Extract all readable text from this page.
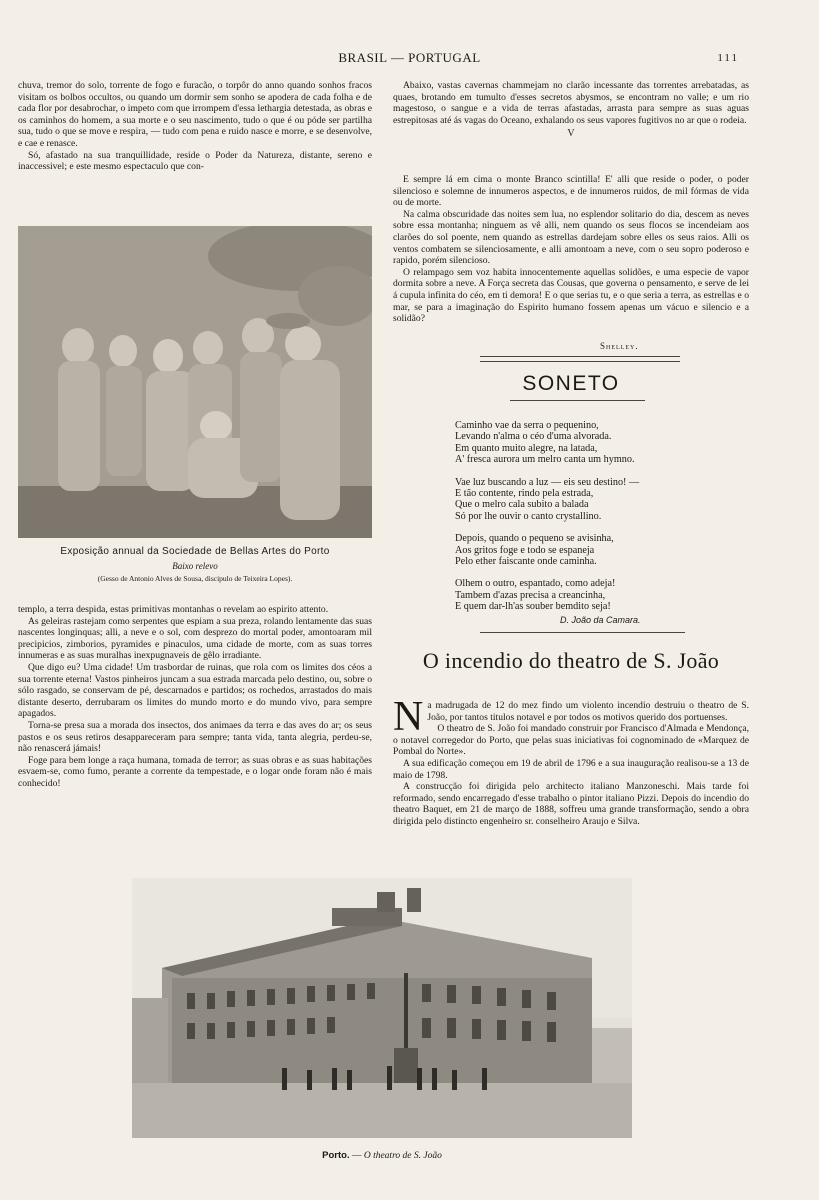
BRASIL — PORTUGAL	111

chuva, tremor do solo, torrente de fogo e furacão, o torpôr do anno quando sonhos fracos visitam os bolbos occultos, ou quando um dormir sem sonho se apodera de cada folha e de cada flor por desabrochar, o impeto com que irrompem d'essa lethargia detestada, as obras e os caminhos do homem, a sua morte e o seu nascimento, tudo o que é ou póde ser partilha sua, tudo o que se move e respira, — tudo com pena e ruido nasce e morre, e se desenvolve, e cae e renasce.

Só, afastado na sua tranquillidade, reside o Poder da Natureza, distante, sereno e inaccessivel; e este mesmo espectaculo que con-

Exposição annual da Sociedade de Bellas Artes do Porto
Baixo relevo
(Gesso de Antonio Alves de Sousa, discipulo de Teixeira Lopes).

templo, a terra despida, estas primitivas montanhas o revelam ao espirito attento.

As geleiras rastejam como serpentes que espiam a sua preza, rolando lentamente das suas nascentes longinquas; alli, a neve e o sol, com desprezo do mortal poder, amontoaram mil precipicios, zimborios, pyramides e pinaculos, uma cidade de morte, com as suas torres innumeras e as suas muralhas inexpugnaveis de gêlo irradiante.

Que digo eu? Uma cidade! Um trasbordar de ruinas, que rola com os limites dos céos a sua torrente eterna! Vastos pinheiros juncam a sua estrada marcada pelo destino, ou, sobre o sólo rasgado, se conservam de pé, descarnados e partidos; os rochedos, arrastados do mais distante deserto, derrubaram os limites do mundo morto e do mundo vivo, para sempre apagados.

Torna-se presa sua a morada dos insectos, dos animaes da terra e das aves do ar; os seus pastos e os seus retiros desappareceram para sempre; tanta vida, tanta alegria, perdeu-se, não renascerá jámais!

Foge para bem longe a raça humana, tomada de terror; as suas obras e as suas habitações esvaem-se, como fumo, perante a corrente da tempestade, e o logar onde foram não é mais conhecido!

Abaixo, vastas cavernas chammejam no clarão incessante das torrentes arrebatadas, as quaes, brotando em tumulto d'esses secretos abysmos, se encontram no valle; e um rio magestoso, o sangue e a vida de terras afastadas, arrasta para sempre as suas aguas estrepitosas até ás vagas do Oceano, exhalando os seus vapores fugitivos no ar que o rodeia.

V

E sempre lá em cima o monte Branco scintilla! E' alli que reside o poder, o poder silencioso e solemne de innumeros aspectos, e de innumeros ruidos, de mil fórmas de vida ou de morte.

Na calma obscuridade das noites sem lua, no esplendor solitario do dia, descem as neves sobre essa montanha; ninguem as vê alli, nem quando os seus flocos se incendeiam aos clarões do sol poente, nem quando as estrellas dardejam sobre elles os seus raios. Alli os ventos combatem se silenciosamente, e alli amontoam a neve, com o seu sopro poderoso e rapido, porém silencioso.

O relampago sem voz habita innocentemente aquellas solidões, e uma especie de vapor dormita sobre a neve. A Força secreta das Cousas, que governa o pensamento, e serve de lei á cupula infinita do céo, em ti demora! E o que serias tu, e o que seria a terra, as estrellas e o mar, se para a imaginação do Espirito humano fossem apenas um vácuo e silencio e a solidão?

Shelley.
SONETO
Caminho vae da serra o pequenino,
Levando n'alma o céo d'uma alvorada.
Em quanto muito alegre, na latada,
A' fresca aurora um melro canta um hymno.
Vae luz buscando a luz — eis seu destino! —
E tão contente, rindo pela estrada,
Que o melro cala subito a balada
Só por lhe ouvir o canto crystallino.
Depois, quando o pequeno se avisinha,
Aos gritos foge e todo se espaneja
Pelo ether faiscante onde caminha.
Olhem o outro, espantado, como adeja!
Tambem d'azas precisa a creancinha,
E quem dar-lh'as souber bemdito seja!
D. João da Camara.
O incendio do theatro de S. João
N a madrugada de 12 do mez findo um violento incendio destruiu o theatro de S. João, por tantos titulos notavel e por todos os motivos querido dos portuenses.

O theatro de S. João foi mandado construir por Francisco d'Almada e Mendonça, o notavel corregedor do Porto, que pelas suas iniciativas foi cognominado de «Marquez de Pombal do Norte».

A sua edificação começou em 19 de abril de 1796 e a sua inauguração realisou-se a 13 de maio de 1798.

A construcção foi dirigida pelo architecto italiano Manzoneschi. Mais tarde foi reformado, sendo encarregado d'esse trabalho o pintor italiano Pizzi. Depois do incendio do theatro Baquet, em 21 de março de 1888, soffreu uma grande transformação, sendo a obra dirigida pelo distincto engenheiro sr. conselheiro Araujo e Silva.

Porto. — O theatro de S. João
